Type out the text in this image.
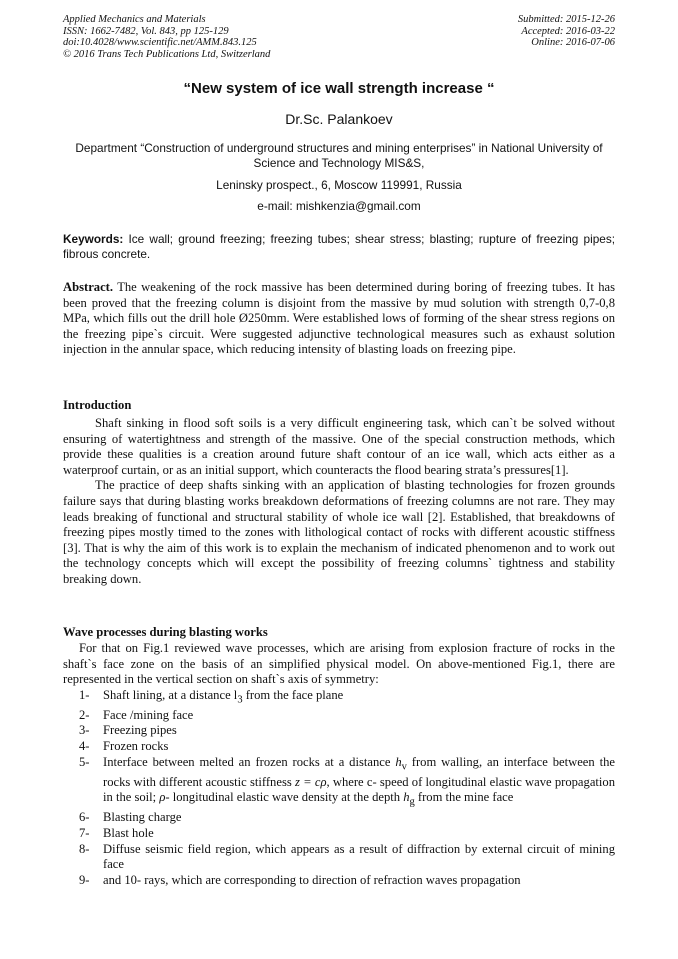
Applied Mechanics and Materials
ISSN: 1662-7482, Vol. 843, pp 125-129
doi:10.4028/www.scientific.net/AMM.843.125
© 2016 Trans Tech Publications Ltd, Switzerland
Submitted: 2015-12-26
Accepted: 2016-03-22
Online: 2016-07-06
“New system of ice wall strength increase “
Dr.Sc. Palankoev
Department “Construction of underground structures and mining enterprises” in National University of Science and Technology MIS&S,
Leninsky prospect., 6, Moscow 119991, Russia
e-mail: mishkenzia@gmail.com
Keywords: Ice wall; ground freezing; freezing tubes; shear stress; blasting; rupture of freezing pipes; fibrous concrete.
Abstract. The weakening of the rock massive has been determined during boring of freezing tubes. It has been proved that the freezing column is disjoint from the massive by mud solution with strength 0,7-0,8 MPa, which fills out the drill hole Ø250mm. Were established lows of forming of the shear stress regions on the freezing pipe`s circuit. Were suggested adjunctive technological measures such as exhaust solution injection in the annular space, which reducing intensity of blasting loads on freezing pipe.
Introduction

Shaft sinking in flood soft soils is a very difficult engineering task, which can`t be solved without ensuring of watertightness and strength of the massive. One of the special construction methods, which provide these qualities is a creation around future shaft contour of an ice wall, which acts either as a waterproof curtain, or as an initial support, which counteracts the flood bearing strata’s pressures[1].

The practice of deep shafts sinking with an application of blasting technologies for frozen grounds failure says that during blasting works breakdown deformations of freezing columns are not rare. They may leads breaking of functional and structural stability of whole ice wall [2]. Established, that breakdowns of freezing pipes mostly timed to the zones with lithological contact of rocks with different acoustic stiffness [3]. That is why the aim of this work is to explain the mechanism of indicated phenomenon and to work out the technology concepts which will except the possibility of freezing columns` tightness and stability breaking down.

Wave processes during blasting works

For that on Fig.1 reviewed wave processes, which are arising from explosion fracture of rocks in the shaft`s face zone on the basis of an simplified physical model. On above-mentioned Fig.1, there are represented in the vertical section on shaft`s axis of symmetry:

1- Shaft lining, at a distance $l_3$ from the face plane
2- Face /mining face
3- Freezing pipes
4- Frozen rocks
5- Interface between melted an frozen rocks at a distance $h_v$ from walling, an interface between the rocks with different acoustic stiffness z = cρ, where c- speed of longitudinal elastic wave propagation in the soil; ρ- longitudinal elastic wave density at the depth $h_g$ from the mine face
6- Blasting charge
7- Blast hole
8- Diffuse seismic field region, which appears as a result of diffraction by external circuit of mining face
9- and 10- rays, which are corresponding to direction of refraction waves propagation
